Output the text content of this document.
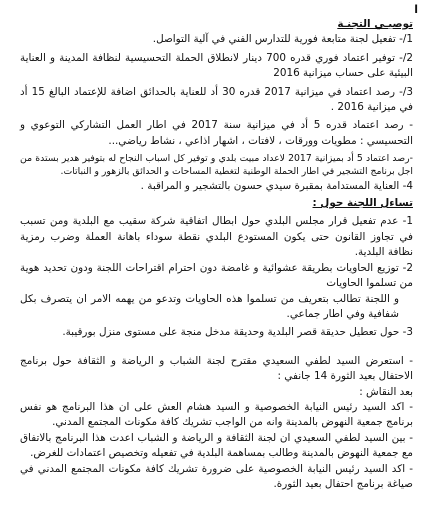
ا
توصيـي التجنـة

1/- تفعيل لجنة متابعة فورية للتدارس الفني في آلية التواصل.

2/- توفير اعتماد فوري قدره 700 دينار لانطلاق الحملة التحسيسية لنظافة المدينة و العناية البيئية على حساب ميزانية 2016

3/- رصد اعتماد في ميزانية 2017 قدره 30 أد للعناية بالحدائق اضافة للإعتماد البالغ 15 أد في ميزانية 2016 .

- رصد اعتماد قدره 5 أد في ميزانية سنة 2017 في اطار العمل التشاركي التوعوي و التحسيسي : مطويات وورقات ، لافتات ، اشهار اذاعي ، نشاط رياضي...

-رصد اعتماد 5 أد بميزانية 2017 لاعداد مبيت بلدي و توفير كل اسباب النجاح له بتوفير هدير بستدة من اجل برنامج التشجير في اطار الحملة الوطنية لتغطية المساحات و الحدائق بالزهور و النباتات.

4- العناية المستدامة بمقبرة سيدي حسون بالتشجير و المراقبة .

تساءل اللجنة حول :

1- عدم تفعيل قرار مجلس البلدي حول ابطال اتفاقية شركة سقيب مع البلدية ومن تسبب في تجاوز القانون حتى يكون المستودع البلدي نقطة سوداء باهانة العملة وضرب رمزية نظافة البلدية.

2- توزيع الحاويات بطريقة عشوائية و غامضة دون احترام اقتراحات اللجنة ودون تحديد هوية من تسلموا الحاويات

و اللجنة تطالب بتعريف من تسلموا هذه الحاويات وتدعو من يهمه الامر ان يتصرف بكل شفافية وفي اطار جماعي.

3- حول تعطيل حديقة قصر البلدية وحديقة مدخل منجة على مستوى منزل بورقيبة.

- استعرض السيد لطفي السعيدي مقترح لجنة الشباب و الرياضة و الثقافة حول برنامج الاحتفال بعيد الثورة 14 جانفي :

بعد النقاش :

- اكد السيد رئيس النيابة الخصوصية و السيد هشام العش على ان هذا البرنامج هو نفس برنامج جمعية النهوض بالمدينة وانه من الواجب تشريك كافة مكونات المجتمع المدني.

- بين السيد لطفي السعيدي ان لجنة الثقافة و الرياضة و الشباب اعدت هذا البرنامج بالاتفاق مع جمعية النهوض بالمدينة وطالب بمساهمة البلدية في تفعيله وتخصيص اعتمادات للغرض.

- اكد السيد رئيس النيابة الخصوصية على ضرورة تشريك كافة مكونات المجتمع المدني في صياغة برنامج احتفال بعيد الثورة.
